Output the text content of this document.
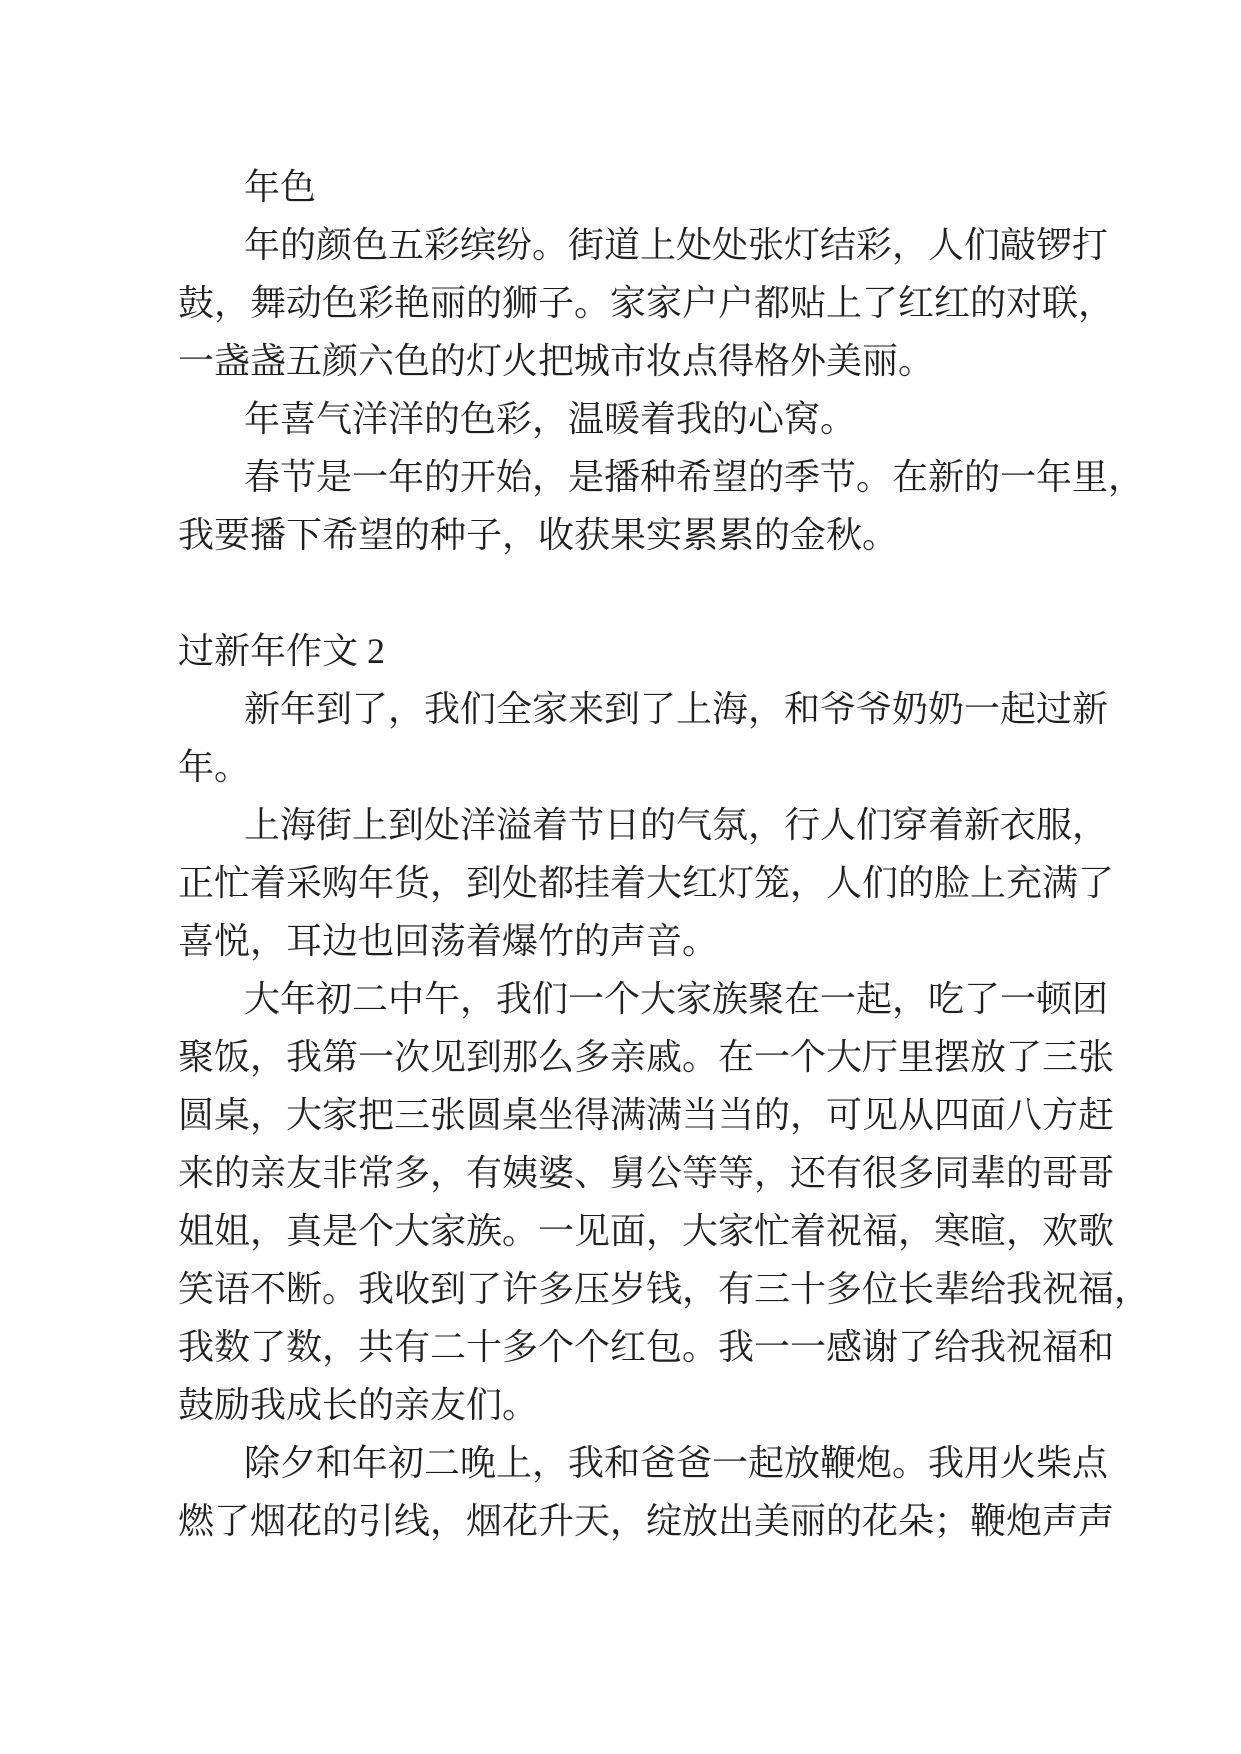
年色
年的颜色五彩缤纷。街道上处处张灯结彩，人们敲锣打
鼓，舞动色彩艳丽的狮子。家家户户都贴上了红红的对联，
一盏盏五颜六色的灯火把城市妆点得格外美丽。
年喜气洋洋的色彩，温暖着我的心窝。
春节是一年的开始，是播种希望的季节。在新的一年里，
我要播下希望的种子，收获果实累累的金秋。
过新年作文 2
新年到了，我们全家来到了上海，和爷爷奶奶一起过新
年。
上海街上到处洋溢着节日的气氛，行人们穿着新衣服，
正忙着采购年货，到处都挂着大红灯笼，人们的脸上充满了
喜悦，耳边也回荡着爆竹的声音。
大年初二中午，我们一个大家族聚在一起，吃了一顿团
聚饭，我第一次见到那么多亲戚。在一个大厅里摆放了三张
圆桌，大家把三张圆桌坐得满满当当的，可见从四面八方赶
来的亲友非常多，有姨婆、舅公等等，还有很多同辈的哥哥
姐姐，真是个大家族。一见面，大家忙着祝福，寒暄，欢歌
笑语不断。我收到了许多压岁钱，有三十多位长辈给我祝福，
我数了数，共有二十多个个红包。我一一感谢了给我祝福和
鼓励我成长的亲友们。
除夕和年初二晚上，我和爸爸一起放鞭炮。我用火柴点
燃了烟花的引线，烟花升天，绽放出美丽的花朵；鞭炮声声
